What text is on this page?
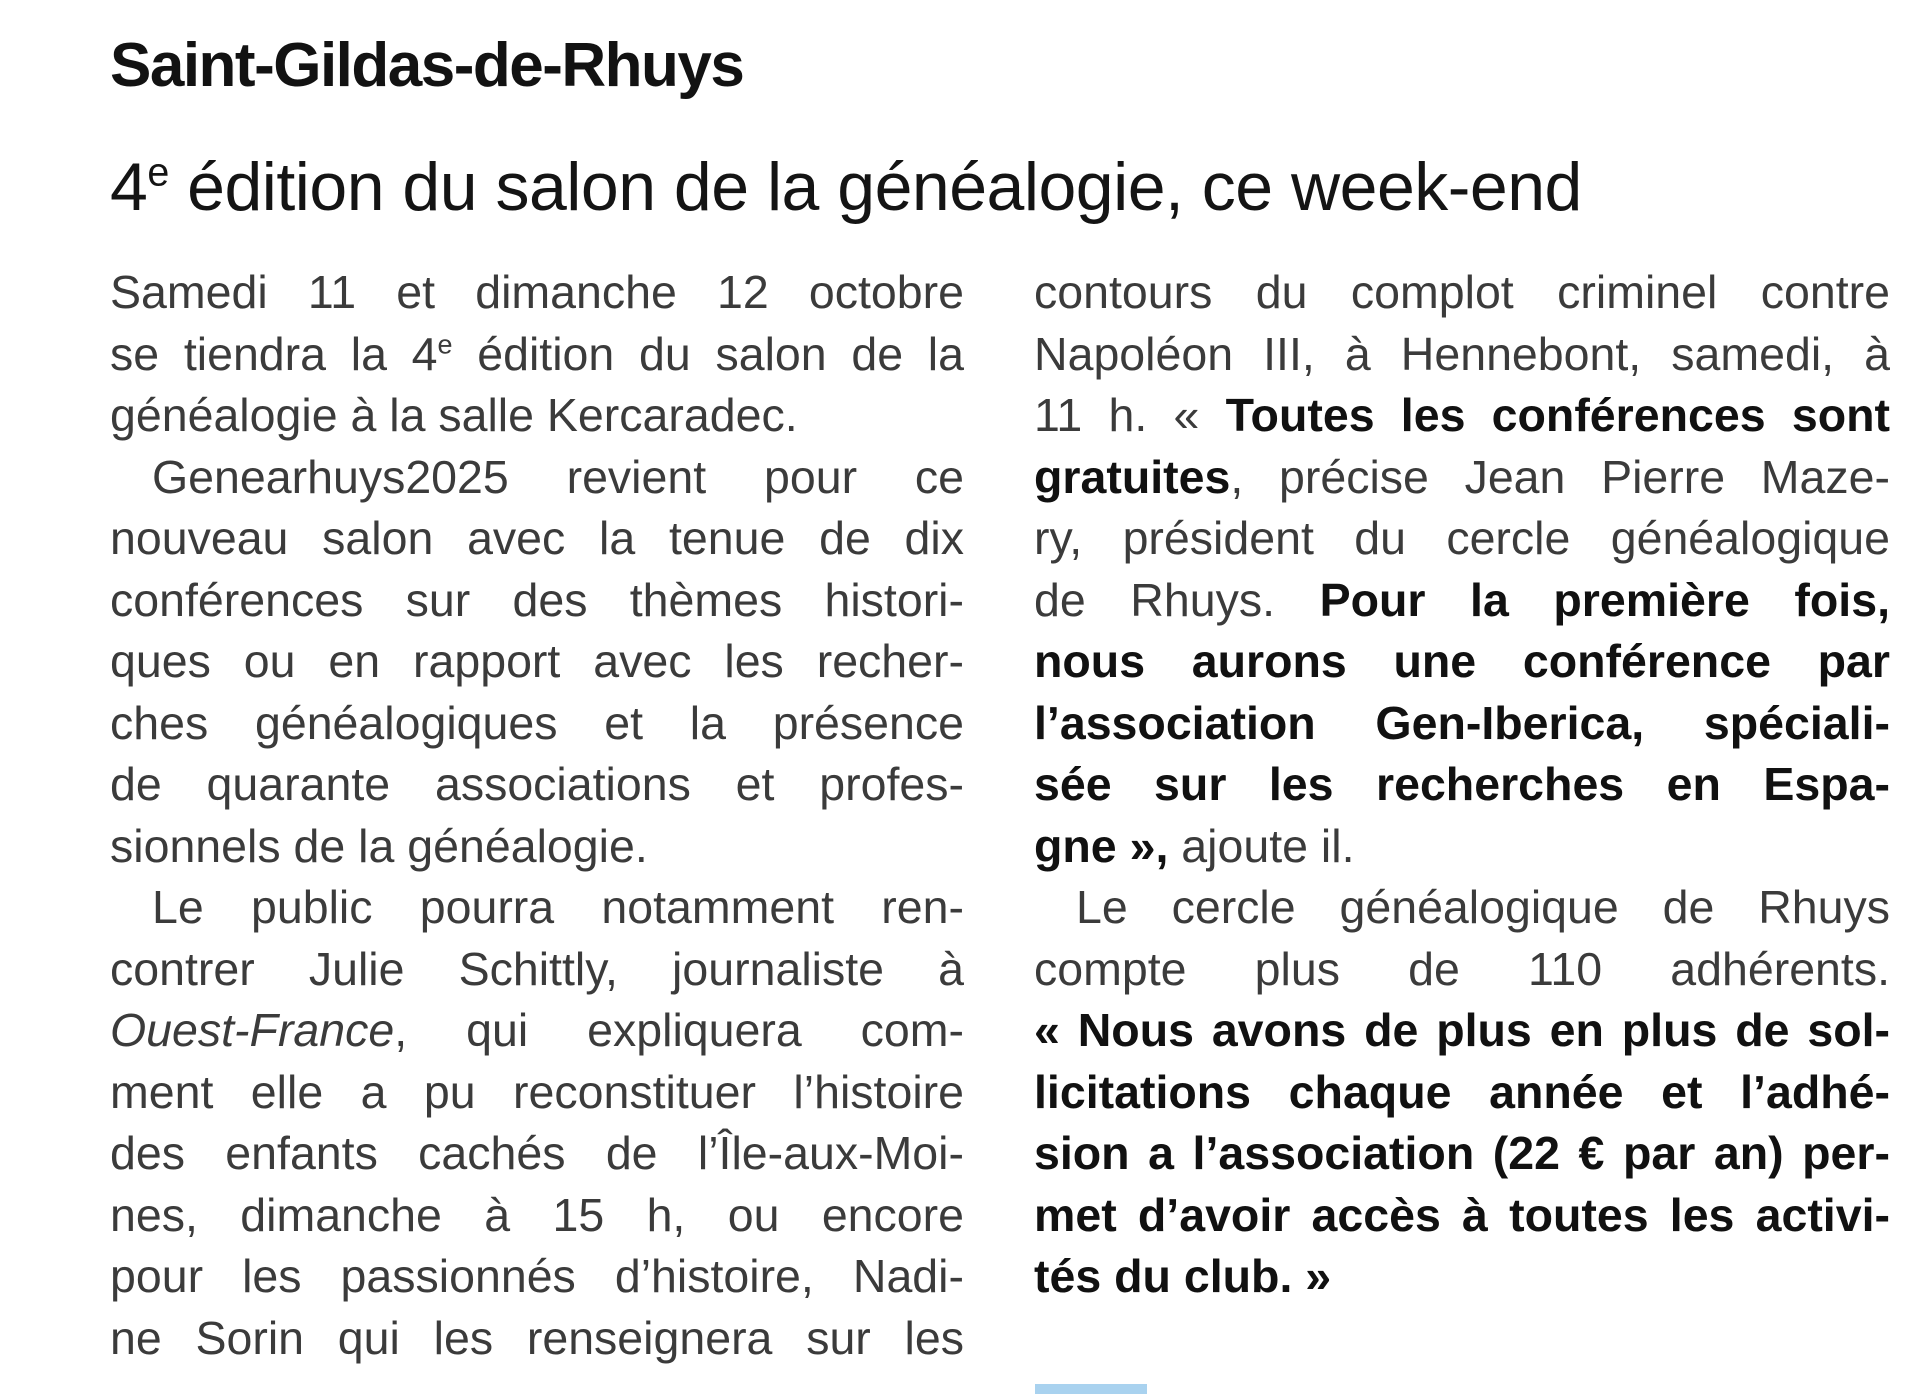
Saint-Gildas-de-Rhuys
4e édition du salon de la généalogie, ce week-end
Samedi 11 et dimanche 12 octobre
se tiendra la 4e édition du salon de la
généalogie à la salle Kercaradec.
Genearhuys2025 revient pour ce
nouveau salon avec la tenue de dix
conférences sur des thèmes histori-
ques ou en rapport avec les recher-
ches généalogiques et la présence
de quarante associations et profes-
sionnels de la généalogie.
Le public pourra notamment ren-
contrer Julie Schittly, journaliste à
Ouest-France, qui expliquera com-
ment elle a pu reconstituer l’histoire
des enfants cachés de l’Île-aux-Moi-
nes, dimanche à 15 h, ou encore
pour les passionnés d’histoire, Nadi-
ne Sorin qui les renseignera sur les
contours du complot criminel contre
Napoléon III, à Hennebont, samedi, à
11 h. « Toutes les conférences sont
gratuites, précise Jean Pierre Maze-
ry, président du cercle généalogique
de Rhuys. Pour la première fois,
nous aurons une conférence par
l’association Gen-Iberica, spéciali-
sée sur les recherches en Espa-
gne », ajoute il.
Le cercle généalogique de Rhuys
compte plus de 110 adhérents.
« Nous avons de plus en plus de sol-
licitations chaque année et l’adhé-
sion a l’association (22 € par an) per-
met d’avoir accès à toutes les activi-
tés du club. »
